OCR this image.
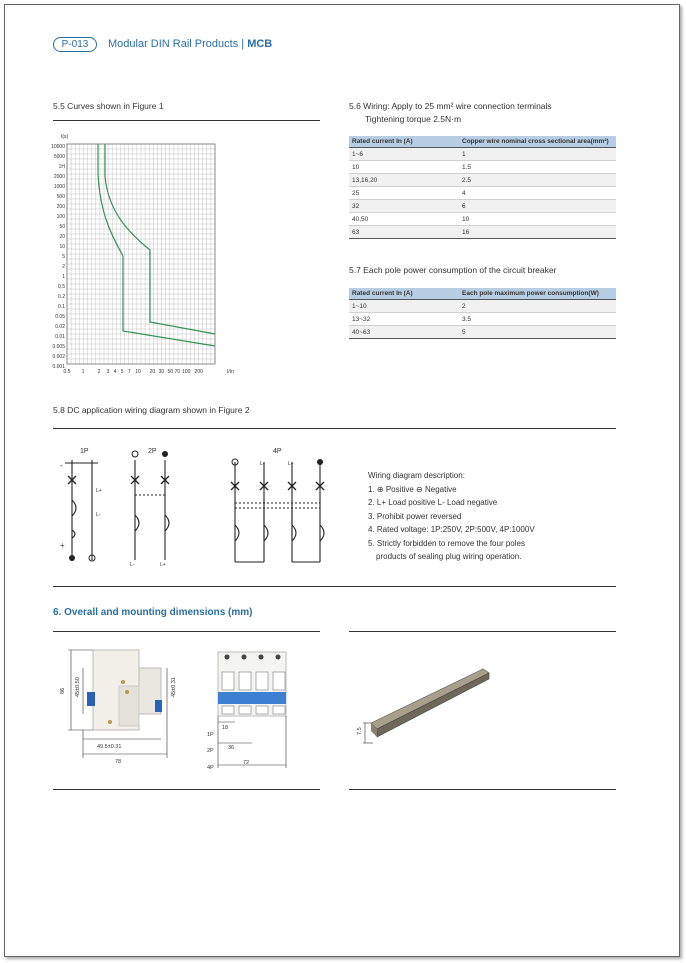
P-013	Modular DIN Rail Products | MCB
5.5 Curves shown in Figure 1
10000
5000
1H
2000
1000
500
200
100
50
20
10
5
2
1
0.5
0.2
0.1
0.05
0.02
0.01
0.005
0.002
0.001
0.5 1	2 3 4 5 7 10 20 30 50 70 100 200	I/In
t(s)
5.6 Wiring: Apply to 25 mm² wire connection terminals
Tightening torque 2.5N·m
Rated current In (A)	Copper wire nominal cross sectional area(mm²)
1~6	1
10	1.5
13,16,20	2.5
25	4
32	6
40,50	10
63	16
5.7 Each pole power consumption of the circuit breaker
Rated current In (A)	Each pole maximum power consumption(W)
1~10	2
13~32	3.5
40~63	5
5.8 DC application wiring diagram shown in Figure 2
1P	2P	4P
L+
L-
-
+
L-	L+
L-	L+
Wiring diagram description:
1. ⊕ Positive ⊖ Negative
2. L+ Load positive L- Load negative
3. Prohibit power reversed
4. Rated voltage: 1P:250V, 2P:500V, 4P:1000V
5. Strictly forbidden to remove the four poles
products of sealing plug wiring operation.
6. Overall and mounting dimensions (mm)
86 45±0.50	45±0.31
49.5±0.31
78
1P
2P
4P
18
36
72
7.5
